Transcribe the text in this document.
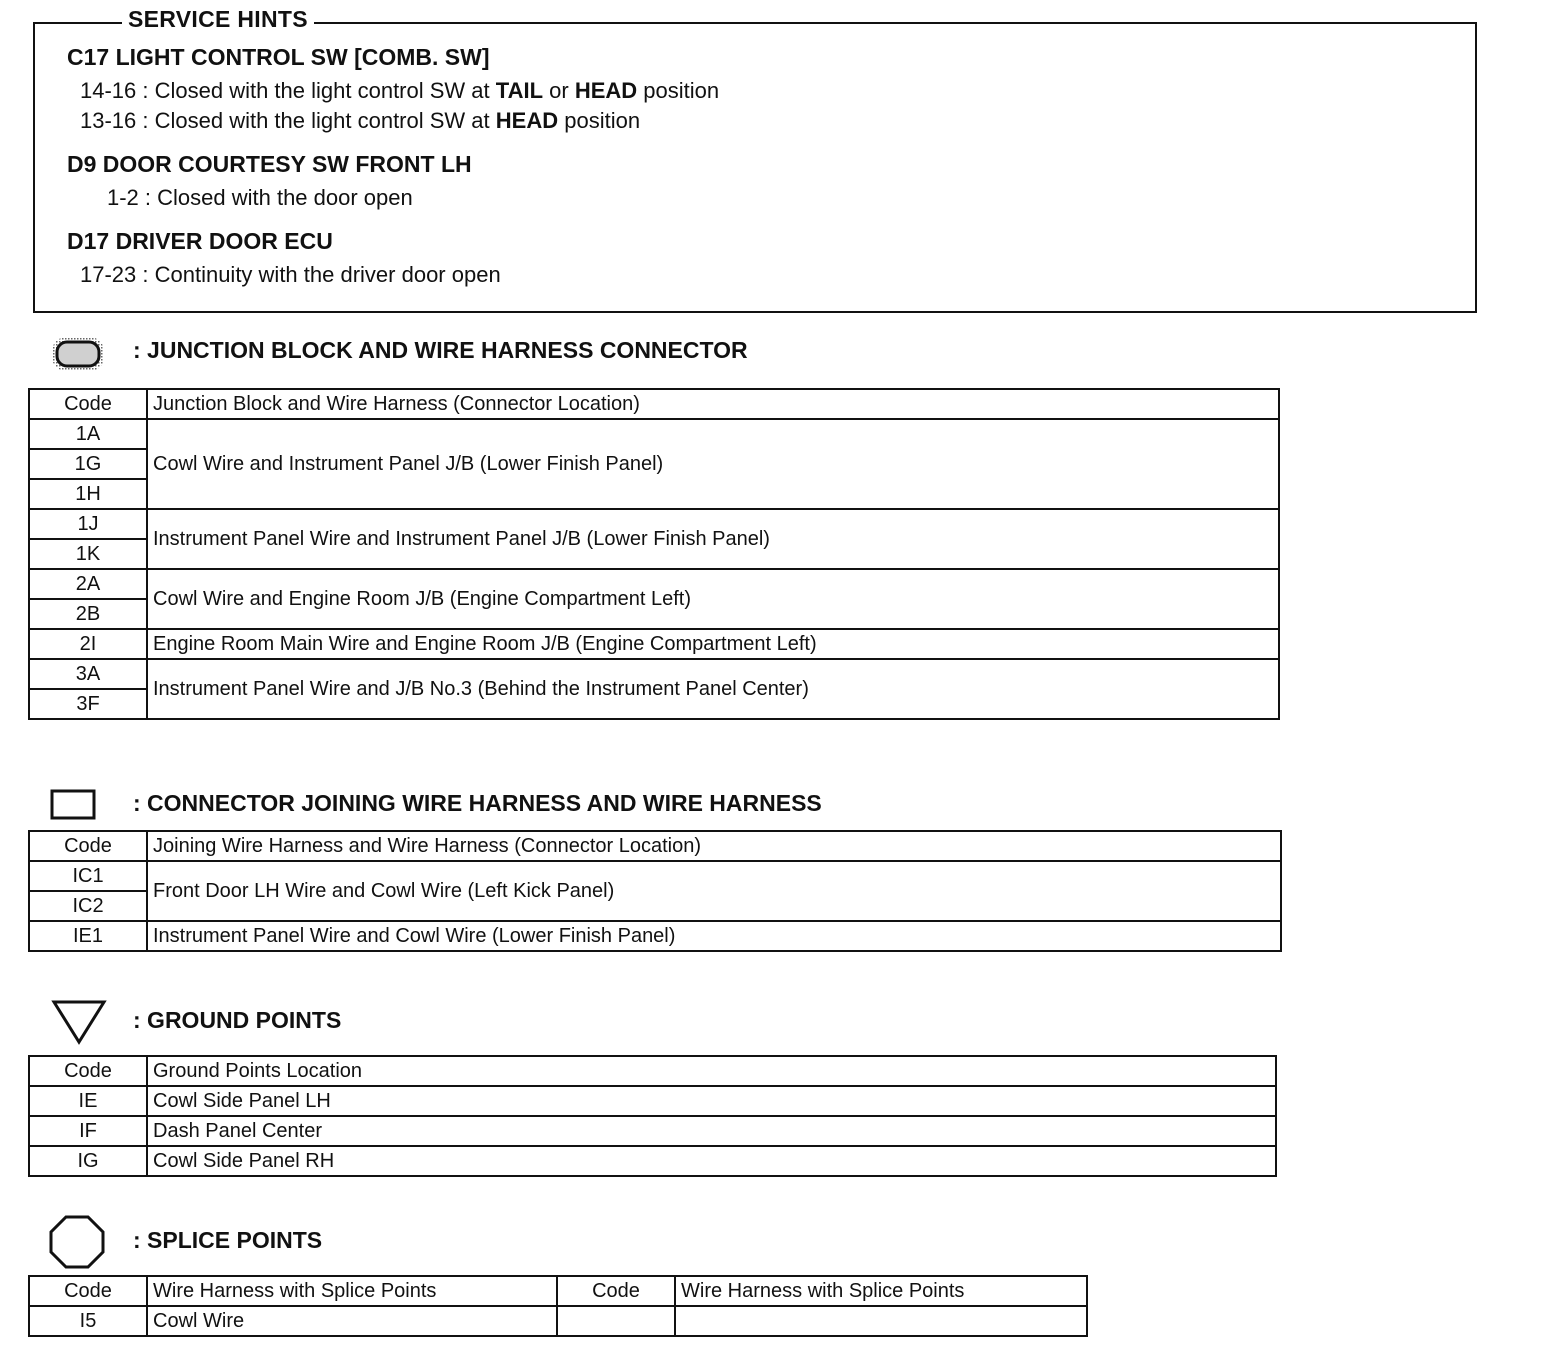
SERVICE HINTS
C17 LIGHT CONTROL SW [COMB. SW]
14-16 : Closed with the light control SW at TAIL or HEAD position
13-16 : Closed with the light control SW at HEAD position
D9 DOOR COURTESY SW FRONT LH
1-2 : Closed with the door open
D17 DRIVER DOOR ECU
17-23 : Continuity with the driver door open
: JUNCTION BLOCK AND WIRE HARNESS CONNECTOR
Code	Junction Block and Wire Harness (Connector Location)
1A	Cowl Wire and Instrument Panel J/B (Lower Finish Panel)
1G	
1H	
1J	Instrument Panel Wire and Instrument Panel J/B (Lower Finish Panel)
1K	
2A	Cowl Wire and Engine Room J/B (Engine Compartment Left)
2B	
2I	Engine Room Main Wire and Engine Room J/B (Engine Compartment Left)
3A	Instrument Panel Wire and J/B No.3 (Behind the Instrument Panel Center)
3F	
: CONNECTOR JOINING WIRE HARNESS AND WIRE HARNESS
Code	Joining Wire Harness and Wire Harness (Connector Location)
IC1	Front Door LH Wire and Cowl Wire (Left Kick Panel)
IC2	
IE1	Instrument Panel Wire and Cowl Wire (Lower Finish Panel)
: GROUND POINTS
Code	Ground Points Location
IE	Cowl Side Panel LH
IF	Dash Panel Center
IG	Cowl Side Panel RH
: SPLICE POINTS
Code	Wire Harness with Splice Points	Code	Wire Harness with Splice Points
I5	Cowl Wire		
